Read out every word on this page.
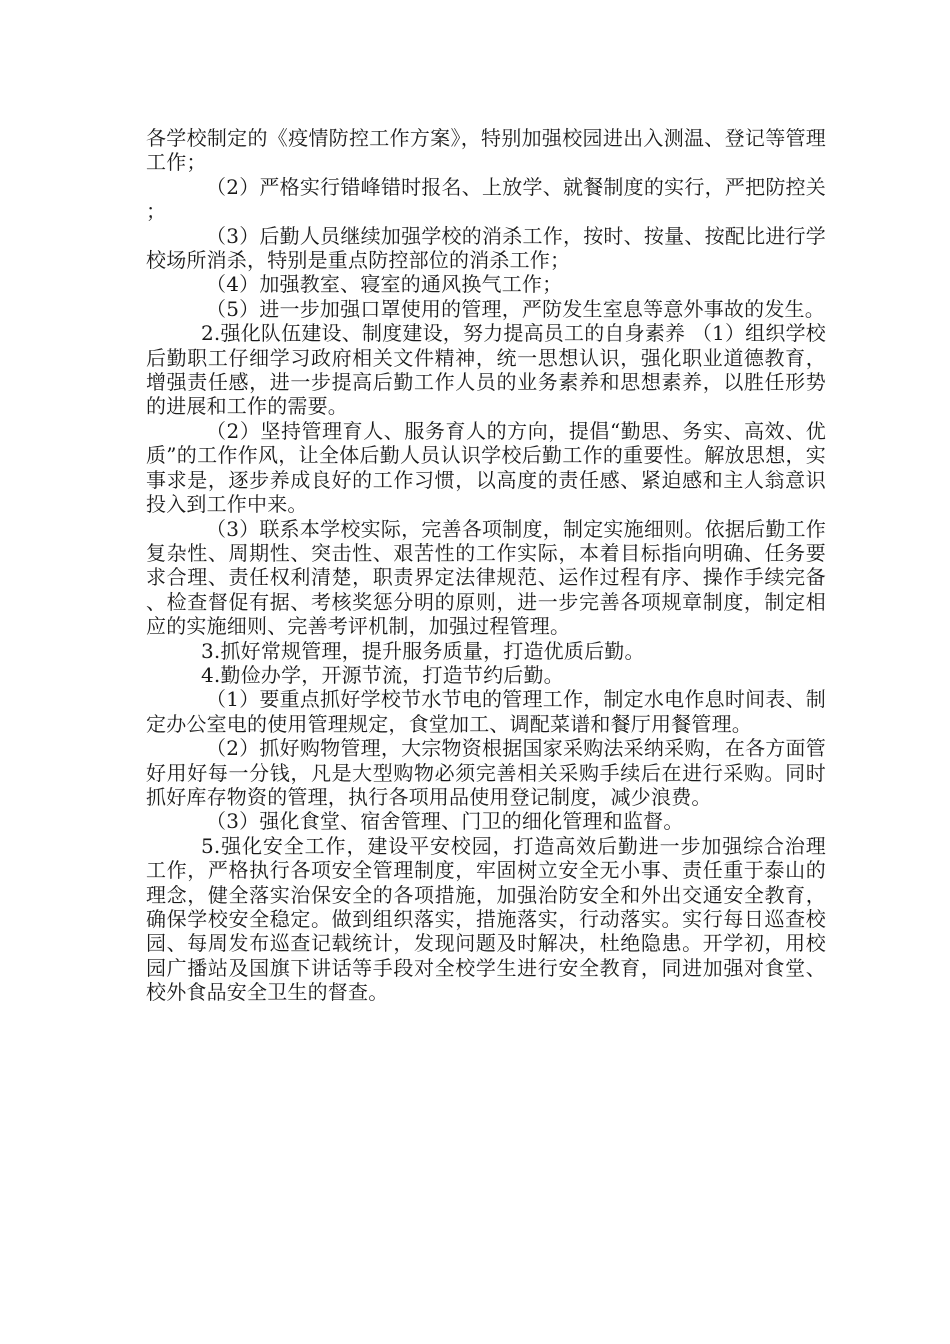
各学校制定的《疫情防控工作方案》，特别加强校园进出入测温、登记等管理工作；

（2）严格实行错峰错时报名、上放学、就餐制度的实行，严把防控关；

（3）后勤人员继续加强学校的消杀工作，按时、按量、按配比进行学校场所消杀，特别是重点防控部位的消杀工作；

（4）加强教室、寝室的通风换气工作；

（5）进一步加强口罩使用的管理，严防发生室息等意外事故的发生。

2.强化队伍建设、制度建设，努力提高员工的自身素养 （1）组织学校后勤职工仔细学习政府相关文件精神，统一思想认识，强化职业道德教育，增强责任感，进一步提高后勤工作人员的业务素养和思想素养，以胜任形势的进展和工作的需要。

（2）坚持管理育人、服务育人的方向，提倡“勤思、务实、高效、优质”的工作作风，让全体后勤人员认识学校后勤工作的重要性。解放思想，实事求是，逐步养成良好的工作习惯，以高度的责任感、紧迫感和主人翁意识投入到工作中来。

（3）联系本学校实际，完善各项制度，制定实施细则。依据后勤工作复杂性、周期性、突击性、艰苦性的工作实际，本着目标指向明确、任务要求合理、责任权利清楚，职责界定法律规范、运作过程有序、操作手续完备、检查督促有据、考核奖惩分明的原则，进一步完善各项规章制度，制定相应的实施细则、完善考评机制，加强过程管理。

3.抓好常规管理，提升服务质量，打造优质后勤。

4.勤俭办学，开源节流，打造节约后勤。

（1）要重点抓好学校节水节电的管理工作，制定水电作息时间表、制定办公室电的使用管理规定，食堂加工、调配菜谱和餐厅用餐管理。

（2）抓好购物管理，大宗物资根据国家采购法采纳采购，在各方面管好用好每一分钱，凡是大型购物必须完善相关采购手续后在进行采购。同时抓好库存物资的管理，执行各项用品使用登记制度，减少浪费。

（3）强化食堂、宿舍管理、门卫的细化管理和监督。

5.强化安全工作，建设平安校园，打造高效后勤进一步加强综合治理工作，严格执行各项安全管理制度，牢固树立安全无小事、责任重于泰山的理念，健全落实治保安全的各项措施，加强治防安全和外出交通安全教育，确保学校安全稳定。做到组织落实，措施落实，行动落实。实行每日巡查校园、每周发布巡查记载统计，发现问题及时解决，杜绝隐患。开学初，用校园广播站及国旗下讲话等手段对全校学生进行安全教育，同进加强对食堂、校外食品安全卫生的督查。
